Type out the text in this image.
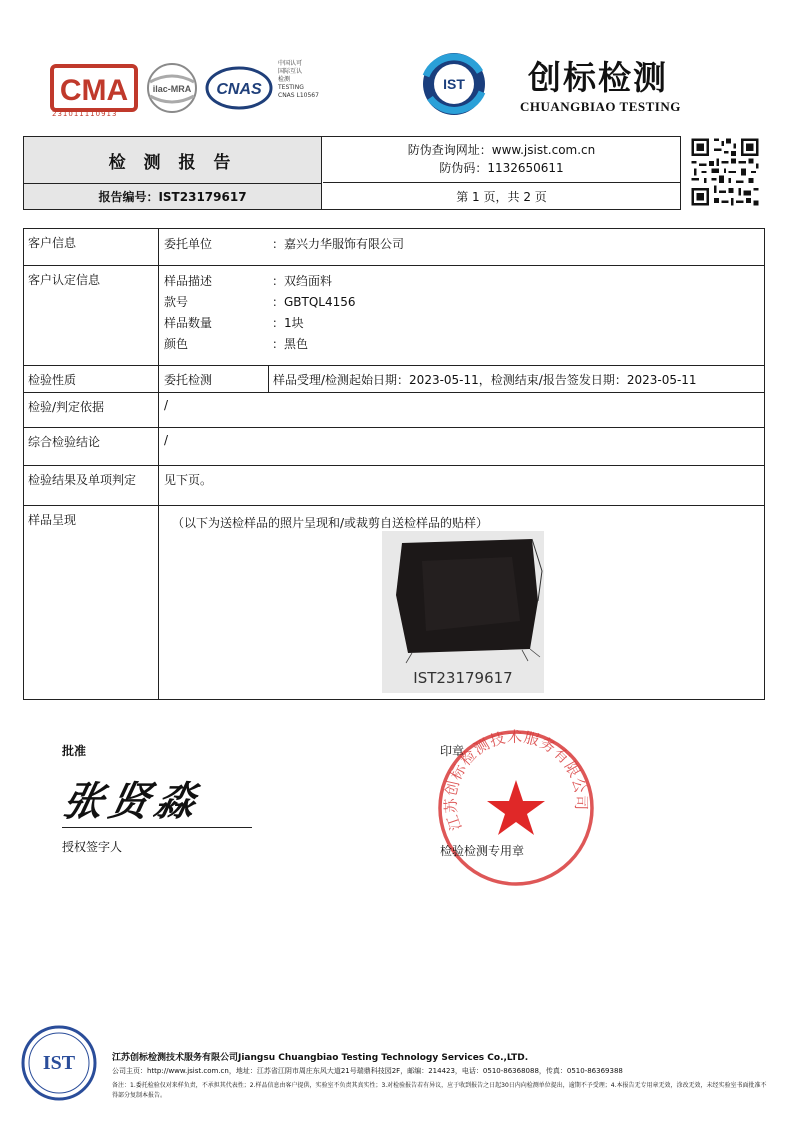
CMA
231011110913
ilac-MRA CNAS
中国认可
国际互认
检测
TESTING
CNAS L10567
IST 创标检测
CHUANGBIAO TESTING
检 测 报 告
防伪查询网址：www.jsist.com.cn
防伪码：1132650611
报告编号：IST23179617	第 1 页，共 2 页
客户信息	委托单位	：嘉兴力华服饰有限公司
客户认定信息	样品描述	：双绉面料
款号	：GBTQL4156
样品数量	：1块
颜色	：黑色
检验性质	委托检测	样品受理/检测起始日期：2023-05-11，检测结束/报告签发日期：2023-05-11
检验/判定依据	/
综合检验结论	/
检验结果及单项判定 见下页。
样品呈现	（以下为送检样品的照片呈现和/或裁剪自送检样品的贴样）
IST23179617
批准
张贤淼
授权签字人
江苏创标检测技术服务有限公司
印章
检验检测专用章
IST	江苏创标检测技术服务有限公司Jiangsu Chuangbiao Testing Technology Services Co.,LTD.
公司主页：http://www.jsist.com.cn，地址：江苏省江阴市周庄东风大道21号瑞鼎科技园2F，邮编：214423，电话：0510-86368088，传真：0510-86369388
备注：1.委托检验仅对来样负责，不承担其代表性；2.样品信息由客户提供，实验室不负责其真实性；3.对检验报告若有异议，应于收到报告之日起30日内向检测单位提出，逾期不予受理；4.本报告无专用章无效，涂改无效，未经实验室书面批准不得部分复制本报告。
